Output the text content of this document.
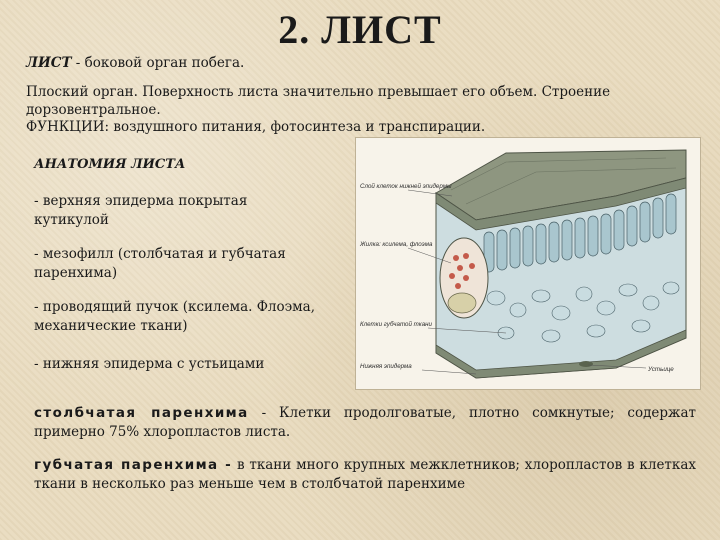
2. ЛИСТ
ЛИСТ - боковой орган побега.
Плоский орган. Поверхность листа значительно превышает его объем. Строение дорзовентральное.
ФУНКЦИИ: воздушного питания, фотосинтеза и транспирации.
АНАТОМИЯ ЛИСТА
- верхняя эпидерма покрытая кутикулой
- мезофилл (столбчатая и губчатая паренхима)
- проводящий пучок (ксилема. Флоэма, механические ткани)
- нижняя эпидерма с устьицами
Слой клеток нижней эпидермы
Жилка: ксилема, флоэма
Клетки губчатой ткани
Нижняя эпидерма	Устьице
столбчатая паренхима - Клетки продолговатые, плотно сомкнутые; содержат примерно 75% хлоропластов листа.
губчатая паренхима - в ткани много крупных межклетников; хлоропластов в клетках ткани в несколько раз меньше чем в столбчатой паренхиме
